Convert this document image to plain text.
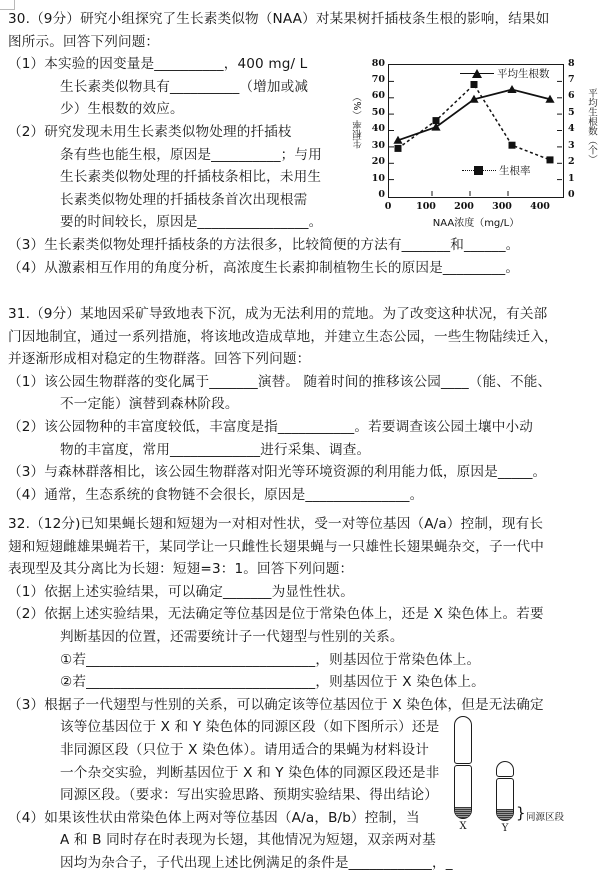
30.（9分）研究小组探究了生长素类似物（NAA）对某果树扦插枝条生根的影响，结果如
图所示。回答下列问题：
（1）本实验的因变量是__________，400 mg/ L
生长素类似物具有__________（增加或减
少）生根数的效应。
（2）研究发现未用生长素类似物处理的扦插枝
条有些也能生根，原因是__________；与用
生长素类似物处理的扦插枝条相比，未用生
长素类似物处理的扦插枝条首次出现根需
要的时间较长，原因是________________。
（3）生长素类似物处理扦插枝条的方法很多，比较简便的方法有_______和______。
（4）从激素相互作用的角度分析，高浓度生长素抑制植物生长的原因是_________。
生根率（%）	平均生根数（个）
80
70
60
50
40
30
20
10
0
8
7
6
5
4
3
2
1
0
平均生根数
生根率
0	100	200	300	400
NAA浓度（mg/L）
31.（9分）某地因采矿导致地表下沉，成为无法利用的荒地。为了改变这种状况，有关部
门因地制宜，通过一系列措施，将该地改造成草地，并建立生态公园，一些生物陆续迁入，
并逐渐形成相对稳定的生物群落。回答下列问题：
（1）该公园生物群落的变化属于_______演替。 随着时间的推移该公园____（能、不能、
不一定能）演替到森林阶段。
（2）该公园物种的丰富度较低，丰富度是指___________。若要调查该公园土壤中小动
物的丰富度，常用_____________进行采集、调查。
（3）与森林群落相比，该公园生物群落对阳光等环境资源的利用能力低，原因是_____。
（4）通常，生态系统的食物链不会很长，原因是_______________。
32.（12分)已知果蝇长翅和短翅为一对相对性状，受一对等位基因（A/a）控制，现有长
翅和短翅雌雄果蝇若干，某同学让一只雌性长翅果蝇与一只雄性长翅果蝇杂交，子一代中
表现型及其分离比为长翅：短翅=3：1。回答下列问题：
（1）依据上述实验结果，可以确定_______为显性性状。
（2）依据上述实验结果，无法确定等位基因是位于常染色体上，还是 X 染色体上。若要
判断基因的位置，还需要统计子一代翅型与性别的关系。
①若_________________________________，则基因位于常染色体上。
②若_________________________________，则基因位于 X 染色体上。
（3）根据子一代翅型与性别的关系，可以确定该等位基因位于 X 染色体，但是无法确定
该等位基因位于 X 和 Y 染色体的同源区段（如下图所示）还是
非同源区段（只位于 X 染色体）。请用适合的果蝇为材料设计
一个杂交实验，判断基因位于 X 和 Y 染色体的同源区段还是非
同源区段。（要求：写出实验思路、预期实验结果、得出结论）
（4）如果该性状由常染色体上两对等位基因（A/a，B/b）控制，当
A 和 B 同时存在时表现为长翅，其他情况为短翅，双亲两对基
因均为杂合子，子代出现上述比例满足的条件是____________，_
X	Y
} 同源区段
